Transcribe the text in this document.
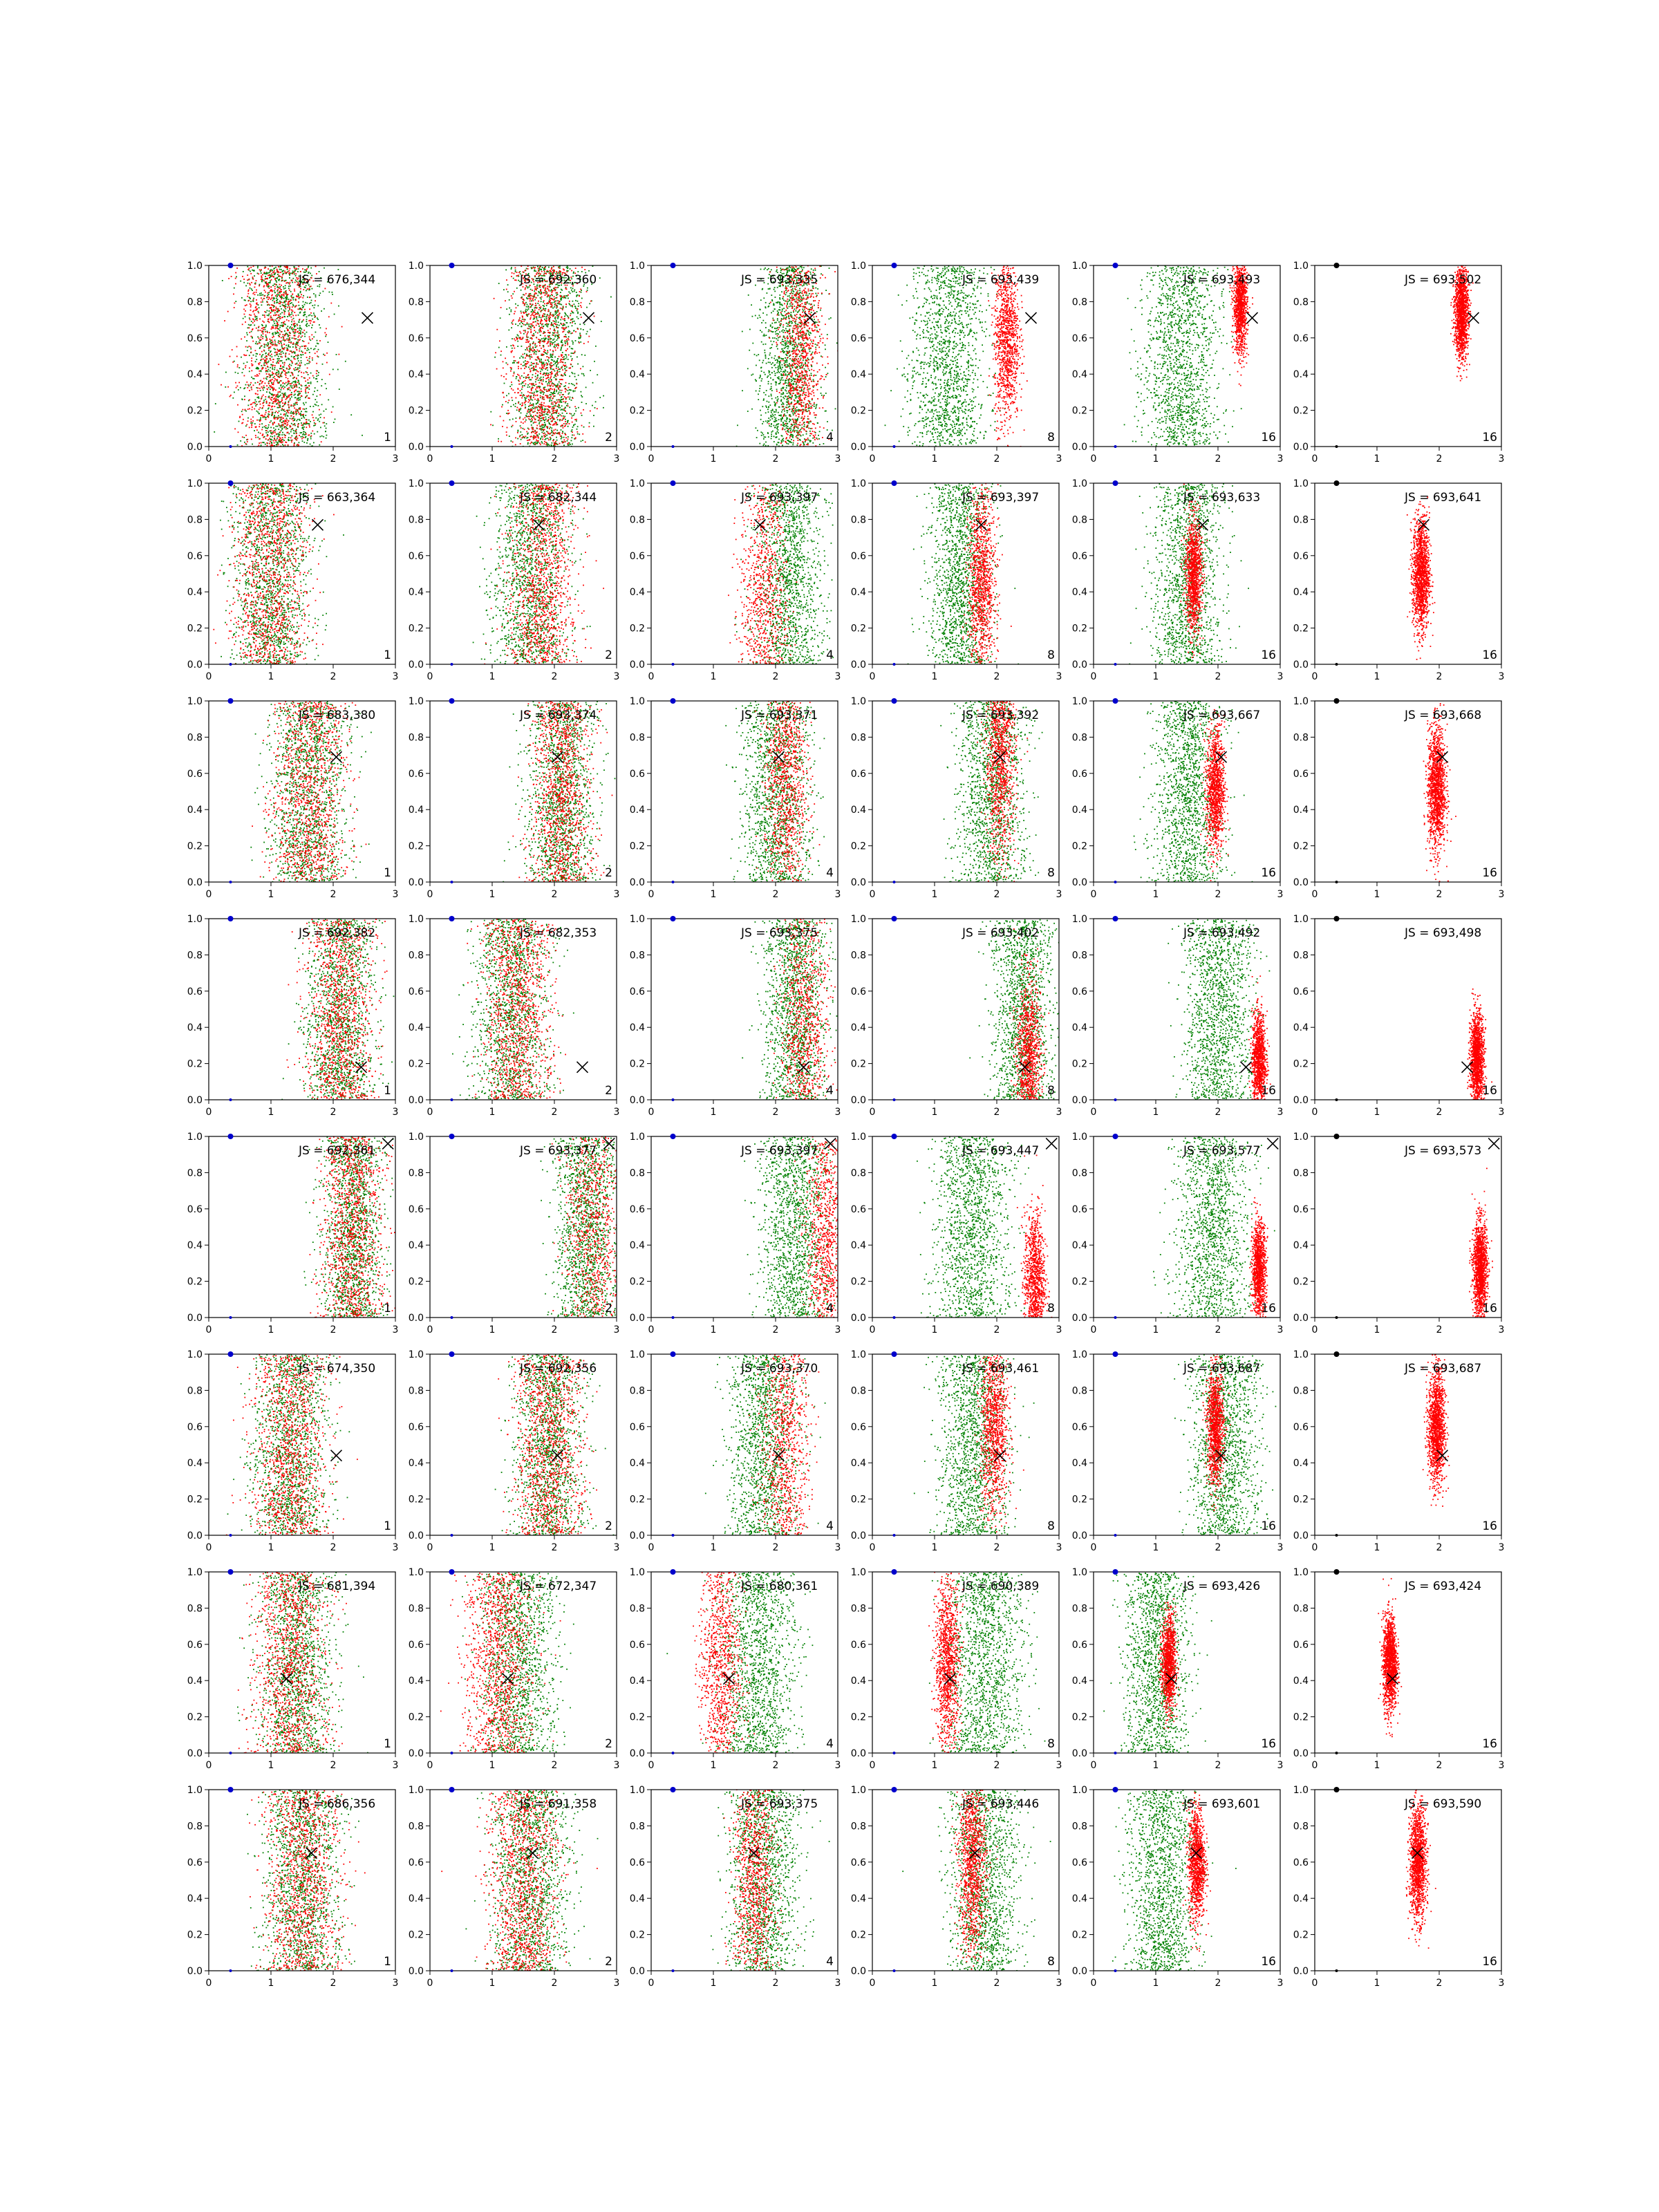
0	1	2	3
0.0
0.2
0.4
0.6
0.8
1.0
JS = 676,344
1
0	1	2	3
0.0
0.2
0.4
0.6
0.8
1.0
JS = 692,360
2
0	1	2	3
0.0
0.2
0.4
0.6
0.8
1.0
JS = 693,335
4
0	1	2	3
0.0
0.2
0.4
0.6
0.8
1.0
JS = 693,439
8
0	1	2	3
0.0
0.2
0.4
0.6
0.8
1.0
JS = 693,493
16
0	1	2	3
0.0
0.2
0.4
0.6
0.8
1.0
JS = 693,502
16
0	1	2	3
0.0
0.2
0.4
0.6
0.8
1.0
JS = 663,364
1
0	1	2	3
0.0
0.2
0.4
0.6
0.8
1.0
JS = 682,344
2
0	1	2	3
0.0
0.2
0.4
0.6
0.8
1.0
JS = 693,397
4
0	1	2	3
0.0
0.2
0.4
0.6
0.8
1.0
JS = 693,397
8
0	1	2	3
0.0
0.2
0.4
0.6
0.8
1.0
JS = 693,633
16
0	1	2	3
0.0
0.2
0.4
0.6
0.8
1.0
JS = 693,641
16
0	1	2	3
0.0
0.2
0.4
0.6
0.8
1.0
JS = 683,380
1
0	1	2	3
0.0
0.2
0.4
0.6
0.8
1.0
JS = 693,374
2
0	1	2	3
0.0
0.2
0.4
0.6
0.8
1.0
JS = 693,371
4
0	1	2	3
0.0
0.2
0.4
0.6
0.8
1.0
JS = 693,392
8
0	1	2	3
0.0
0.2
0.4
0.6
0.8
1.0
JS = 693,667
16
0	1	2	3
0.0
0.2
0.4
0.6
0.8
1.0
JS = 693,668
16
0	1	2	3
0.0
0.2
0.4
0.6
0.8
1.0
JS = 692,382
1
0	1	2	3
0.0
0.2
0.4
0.6
0.8
1.0
JS = 682,353
2
0	1	2	3
0.0
0.2
0.4
0.6
0.8
1.0
JS = 693,375
4
0	1	2	3
0.0
0.2
0.4
0.6
0.8
1.0
JS = 693,402
8
0	1	2	3
0.0
0.2
0.4
0.6
0.8
1.0
JS = 693,492
16
0	1	2	3
0.0
0.2
0.4
0.6
0.8
1.0
JS = 693,498
16
0	1	2	3
0.0
0.2
0.4
0.6
0.8
1.0
JS = 692,361
1
0	1	2	3
0.0
0.2
0.4
0.6
0.8
1.0
JS = 693,377
2
0	1	2	3
0.0
0.2
0.4
0.6
0.8
1.0
JS = 693,397
4
0	1	2	3
0.0
0.2
0.4
0.6
0.8
1.0
JS = 693,447
8
0	1	2	3
0.0
0.2
0.4
0.6
0.8
1.0
JS = 693,577
16
0	1	2	3
0.0
0.2
0.4
0.6
0.8
1.0
JS = 693,573
16
0	1	2	3
0.0
0.2
0.4
0.6
0.8
1.0
JS = 674,350
1
0	1	2	3
0.0
0.2
0.4
0.6
0.8
1.0
JS = 692,356
2
0	1	2	3
0.0
0.2
0.4
0.6
0.8
1.0
JS = 693,370
4
0	1	2	3
0.0
0.2
0.4
0.6
0.8
1.0
JS = 693,461
8
0	1	2	3
0.0
0.2
0.4
0.6
0.8
1.0
JS = 693,687
16
0	1	2	3
0.0
0.2
0.4
0.6
0.8
1.0
JS = 693,687
16
0	1	2	3
0.0
0.2
0.4
0.6
0.8
1.0
JS = 681,394
1
0	1	2	3
0.0
0.2
0.4
0.6
0.8
1.0
JS = 672,347
2
0	1	2	3
0.0
0.2
0.4
0.6
0.8
1.0
JS = 680,361
4
0	1	2	3
0.0
0.2
0.4
0.6
0.8
1.0
JS = 690,389
8
0	1	2	3
0.0
0.2
0.4
0.6
0.8
1.0
JS = 693,426
16
0	1	2	3
0.0
0.2
0.4
0.6
0.8
1.0
JS = 693,424
16
0	1	2	3
0.0
0.2
0.4
0.6
0.8
1.0
JS = 686,356
1
0	1	2	3
0.0
0.2
0.4
0.6
0.8
1.0
JS = 691,358
2
0	1	2	3
0.0
0.2
0.4
0.6
0.8
1.0
JS = 693,375
4
0	1	2	3
0.0
0.2
0.4
0.6
0.8
1.0
JS = 693,446
8
0	1	2	3
0.0
0.2
0.4
0.6
0.8
1.0
JS = 693,601
16
0	1	2	3
0.0
0.2
0.4
0.6
0.8
1.0
JS = 693,590
16
